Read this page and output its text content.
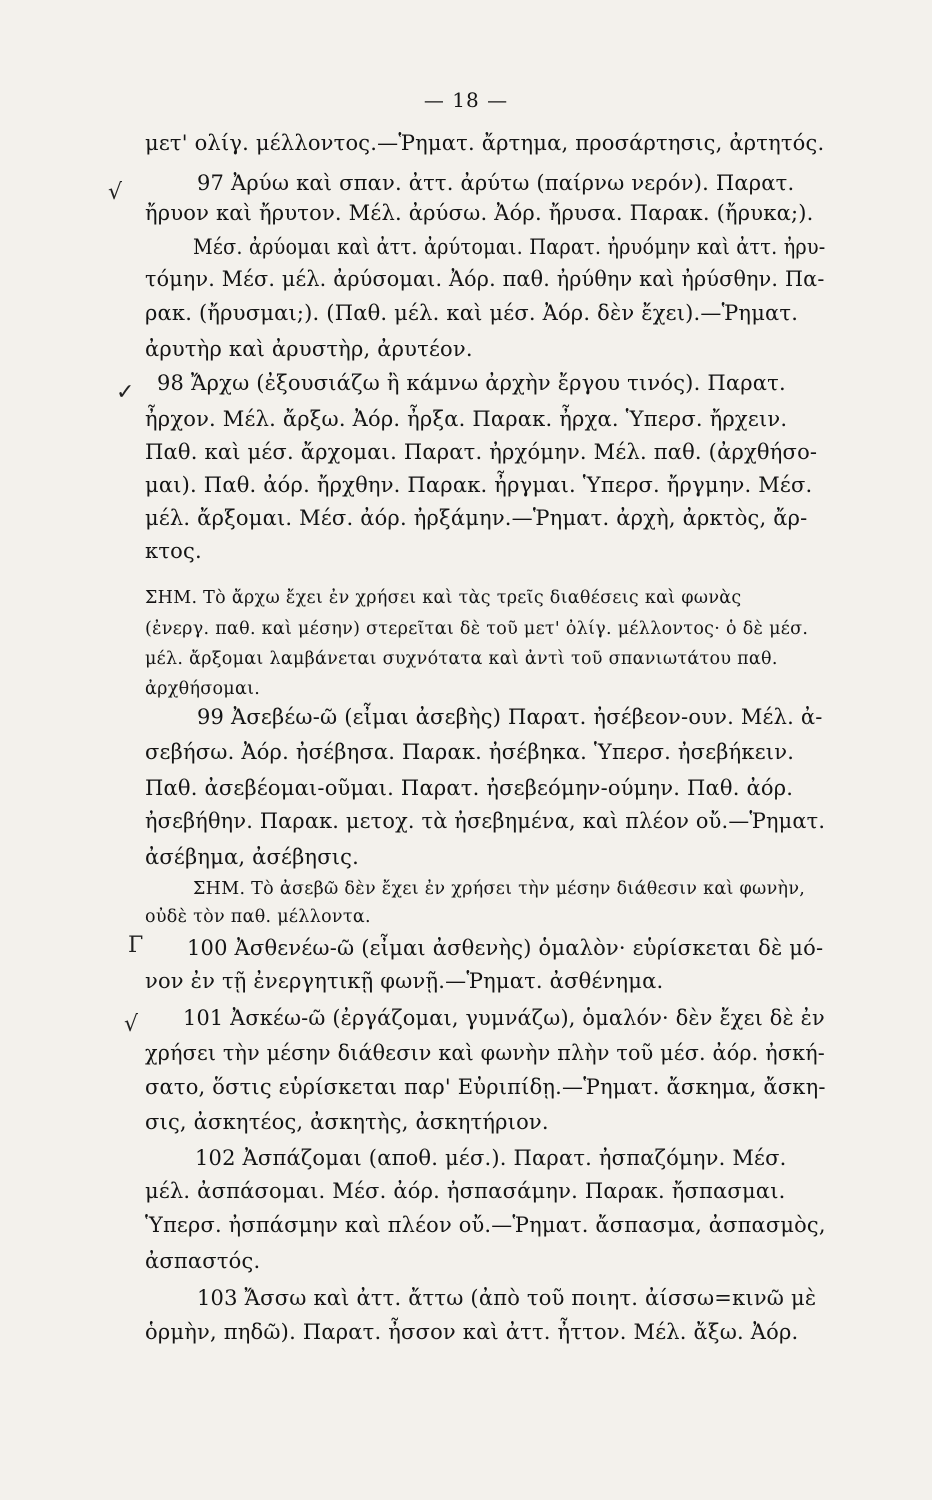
— 18 —
√
✓
Γ
√
μετ' ολίγ. μέλλοντος.—Ῥηματ. ἄρτημα, προσάρτησις, ἀρτητός.
97 Ἀρύω καὶ σπαν. ἀττ. ἀρύτω (παίρνω νερόν). Παρατ.
ἤρυον καὶ ἤρυτον. Μέλ. ἀρύσω. Ἀόρ. ἤρυσα. Παρακ. (ἤρυκα;).
Μέσ. ἀρύομαι καὶ ἀττ. ἀρύτομαι. Παρατ. ἠρυόμην καὶ ἀττ. ἠρυ-
τόμην. Μέσ. μέλ. ἀρύσομαι. Ἀόρ. παθ. ἠρύθην καὶ ἠρύσθην. Πα-
ρακ. (ἤρυσμαι;). (Παθ. μέλ. καὶ μέσ. Ἀόρ. δὲν ἔχει).—Ῥηματ.
ἀρυτὴρ καὶ ἀρυστὴρ, ἀρυτέον.
98 Ἄρχω (ἐξουσιάζω ἢ κάμνω ἀρχὴν ἔργου τινός). Παρατ.
ἦρχον. Μέλ. ἄρξω. Ἀόρ. ἦρξα. Παρακ. ἦρχα. Ὑπερσ. ἤρχειν.
Παθ. καὶ μέσ. ἄρχομαι. Παρατ. ἠρχόμην. Μέλ. παθ. (ἀρχθήσο-
μαι). Παθ. ἀόρ. ἤρχθην. Παρακ. ἦργμαι. Ὑπερσ. ἤργμην. Μέσ.
μέλ. ἄρξομαι. Μέσ. ἀόρ. ἠρξάμην.—Ῥηματ. ἀρχὴ, ἀρκτὸς, ἄρ-
κτος.
ΣΗΜ. Τὸ ἄρχω ἔχει ἐν χρήσει καὶ τὰς τρεῖς διαθέσεις καὶ φωνὰς
(ἐνεργ. παθ. καὶ μέσην) στερεῖται δὲ τοῦ μετ' ὀλίγ. μέλλοντος· ὁ δὲ μέσ.
μέλ. ἄρξομαι λαμβάνεται συχνότατα καὶ ἀντὶ τοῦ σπανιωτάτου παθ.
ἀρχθήσομαι.
99 Ἀσεβέω-ῶ (εἶμαι ἀσεβὴς) Παρατ. ἠσέβεον-ουν. Μέλ. ἀ-
σεβήσω. Ἀόρ. ἠσέβησα. Παρακ. ἠσέβηκα. Ὑπερσ. ἠσεβήκειν.
Παθ. ἀσεβέομαι-οῦμαι. Παρατ. ἠσεβεόμην-ούμην. Παθ. ἀόρ.
ἠσεβήθην. Παρακ. μετοχ. τὰ ἠσεβημένα, καὶ πλέον οὔ.—Ῥηματ.
ἀσέβημα, ἀσέβησις.
ΣΗΜ. Τὸ ἀσεβῶ δὲν ἔχει ἐν χρήσει τὴν μέσην διάθεσιν καὶ φωνὴν,
οὐδὲ τὸν παθ. μέλλοντα.
100 Ἀσθενέω-ῶ (εἶμαι ἀσθενὴς) ὁμαλὸν· εὑρίσκεται δὲ μό-
νον ἐν τῇ ἐνεργητικῇ φωνῇ.—Ῥηματ. ἀσθένημα.
101 Ἀσκέω-ῶ (ἐργάζομαι, γυμνάζω), ὁμαλόν· δὲν ἔχει δὲ ἐν
χρήσει τὴν μέσην διάθεσιν καὶ φωνὴν πλὴν τοῦ μέσ. ἀόρ. ἠσκή-
σατο, ὅστις εὑρίσκεται παρ' Εὐριπίδῃ.—Ῥηματ. ἄσκημα, ἄσκη-
σις, ἀσκητέος, ἀσκητὴς, ἀσκητήριον.
102 Ἀσπάζομαι (αποθ. μέσ.). Παρατ. ἠσπαζόμην. Μέσ.
μέλ. ἀσπάσομαι. Μέσ. ἀόρ. ἠσπασάμην. Παρακ. ἤσπασμαι.
Ὑπερσ. ἠσπάσμην καὶ πλέον οὔ.—Ῥηματ. ἄσπασμα, ἀσπασμὸς,
ἀσπαστός.
103 Ἄσσω καὶ ἀττ. ἄττω (ἀπὸ τοῦ ποιητ. ἀίσσω=κινῶ μὲ
ὁρμὴν, πηδῶ). Παρατ. ἦσσον καὶ ἀττ. ἦττον. Μέλ. ἄξω. Ἀόρ.
